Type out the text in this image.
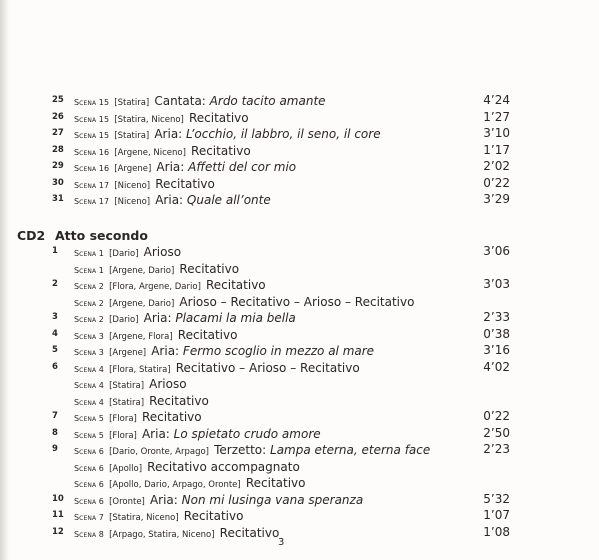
25	Scena 15 [Statira] Cantata: Ardo tacito amante	4’24
26	Scena 15 [Statira, Niceno] Recitativo	1’27
27	Scena 15 [Statira] Aria: L’occhio, il labbro, il seno, il core	3’10
28	Scena 16 [Argene, Niceno] Recitativo	1’17
29	Scena 16 [Argene] Aria: Affetti del cor mio	2’02
30	Scena 17 [Niceno] Recitativo	0’22
31	Scena 17 [Niceno] Aria: Quale all’onte	3’29
CD2 Atto secondo
1	Scena 1 [Dario] Arioso	3’06
Scena 1 [Argene, Dario] Recitativo
2	Scena 2 [Flora, Argene, Dario] Recitativo	3’03
Scena 2 [Argene, Dario] Arioso – Recitativo – Arioso – Recitativo
3	Scena 2 [Dario] Aria: Placami la mia bella	2’33
4	Scena 3 [Argene, Flora] Recitativo	0’38
5	Scena 3 [Argene] Aria: Fermo scoglio in mezzo al mare	3’16
6	Scena 4 [Flora, Statira] Recitativo – Arioso – Recitativo	4’02
Scena 4 [Statira] Arioso
Scena 4 [Statira] Recitativo
7	Scena 5 [Flora] Recitativo	0’22
8	Scena 5 [Flora] Aria: Lo spietato crudo amore	2’50
9	Scena 6 [Dario, Oronte, Arpago] Terzetto: Lampa eterna, eterna face	2’23
Scena 6 [Apollo] Recitativo accompagnato
Scena 6 [Apollo, Dario, Arpago, Oronte] Recitativo
10	Scena 6 [Oronte] Aria: Non mi lusinga vana speranza	5’32
11	Scena 7 [Statira, Niceno] Recitativo	1’07
12	Scena 8 [Arpago, Statira, Niceno] Recitativo	1’08
3
